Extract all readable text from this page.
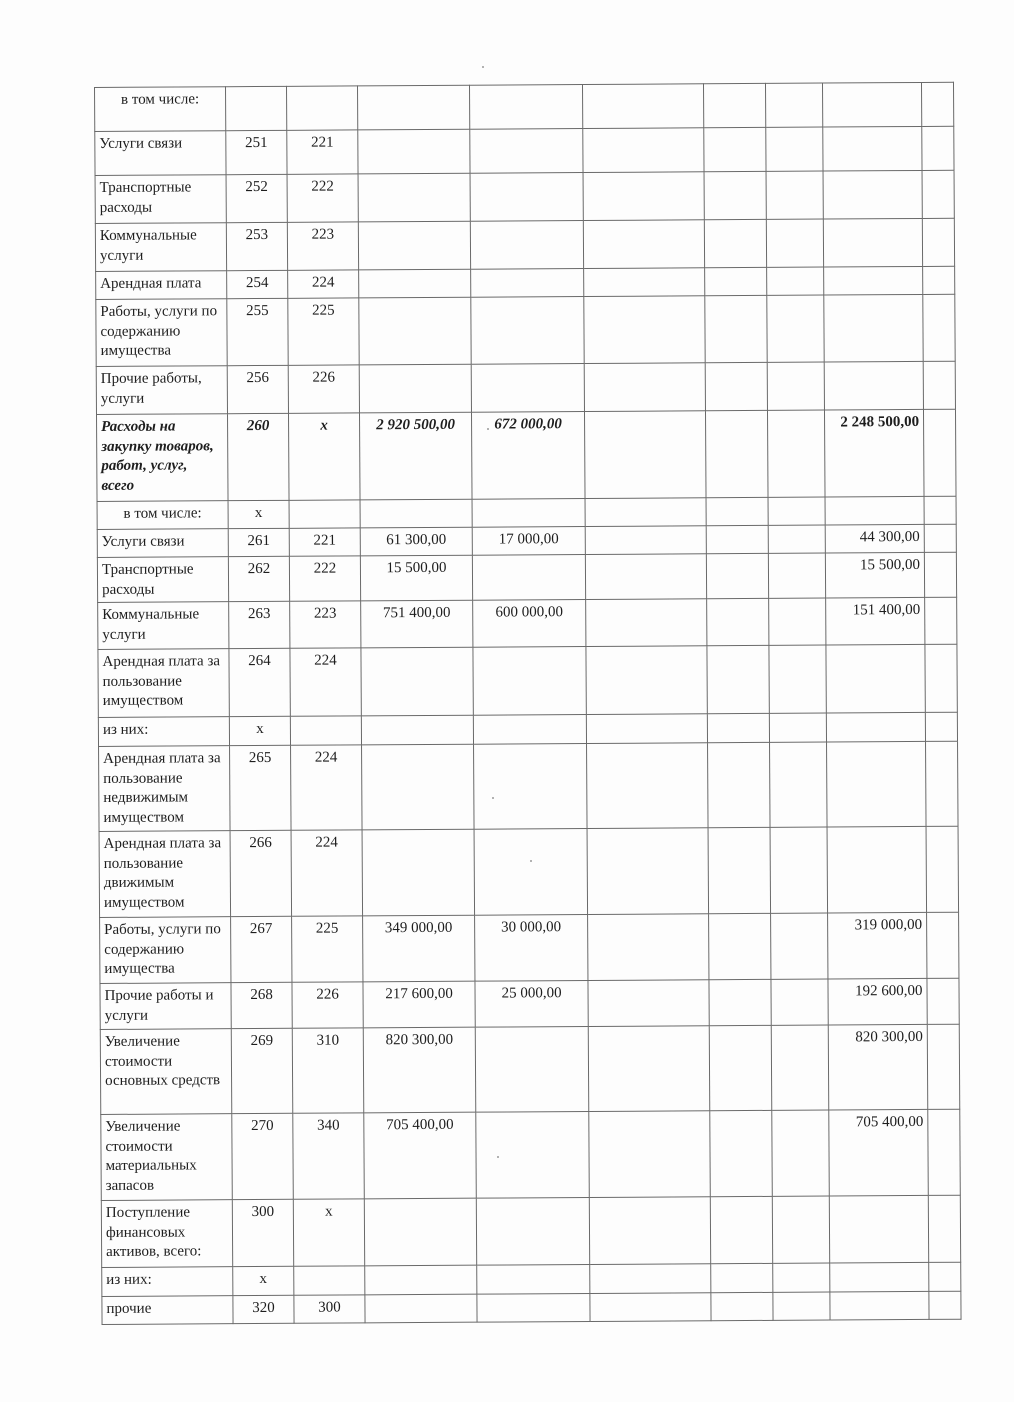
в том числе:									
Услуги связи	251	221							
Транспортные расходы	252	222							
Коммунальные услуги	253	223							
Арендная плата	254	224							
Работы, услуги по содержанию имущества	255	225							
Прочие работы, услуги	256	226							
Расходы на закупку товаров, работ, услуг, всего	260	x	2 920 500,00	672 000,00				2 248 500,00	
в том числе:	x								
Услуги связи	261	221	61 300,00	17 000,00				44 300,00	
Транспортные расходы	262	222	15 500,00					15 500,00	
Коммунальные услуги	263	223	751 400,00	600 000,00				151 400,00	
Арендная плата за пользование имуществом	264	224							
из них:	x								
Арендная плата за пользование недвижимым имуществом	265	224							
Арендная плата за пользование движимым имуществом	266	224							
Работы, услуги по содержанию имущества	267	225	349 000,00	30 000,00				319 000,00	
Прочие работы и услуги	268	226	217 600,00	25 000,00				192 600,00	
Увеличение стоимости основных средств	269	310	820 300,00					820 300,00	
Увеличение стоимости материальных запасов	270	340	705 400,00					705 400,00	
Поступление финансовых активов, всего:	300	x							
из них:	x								
прочие	320	300							
